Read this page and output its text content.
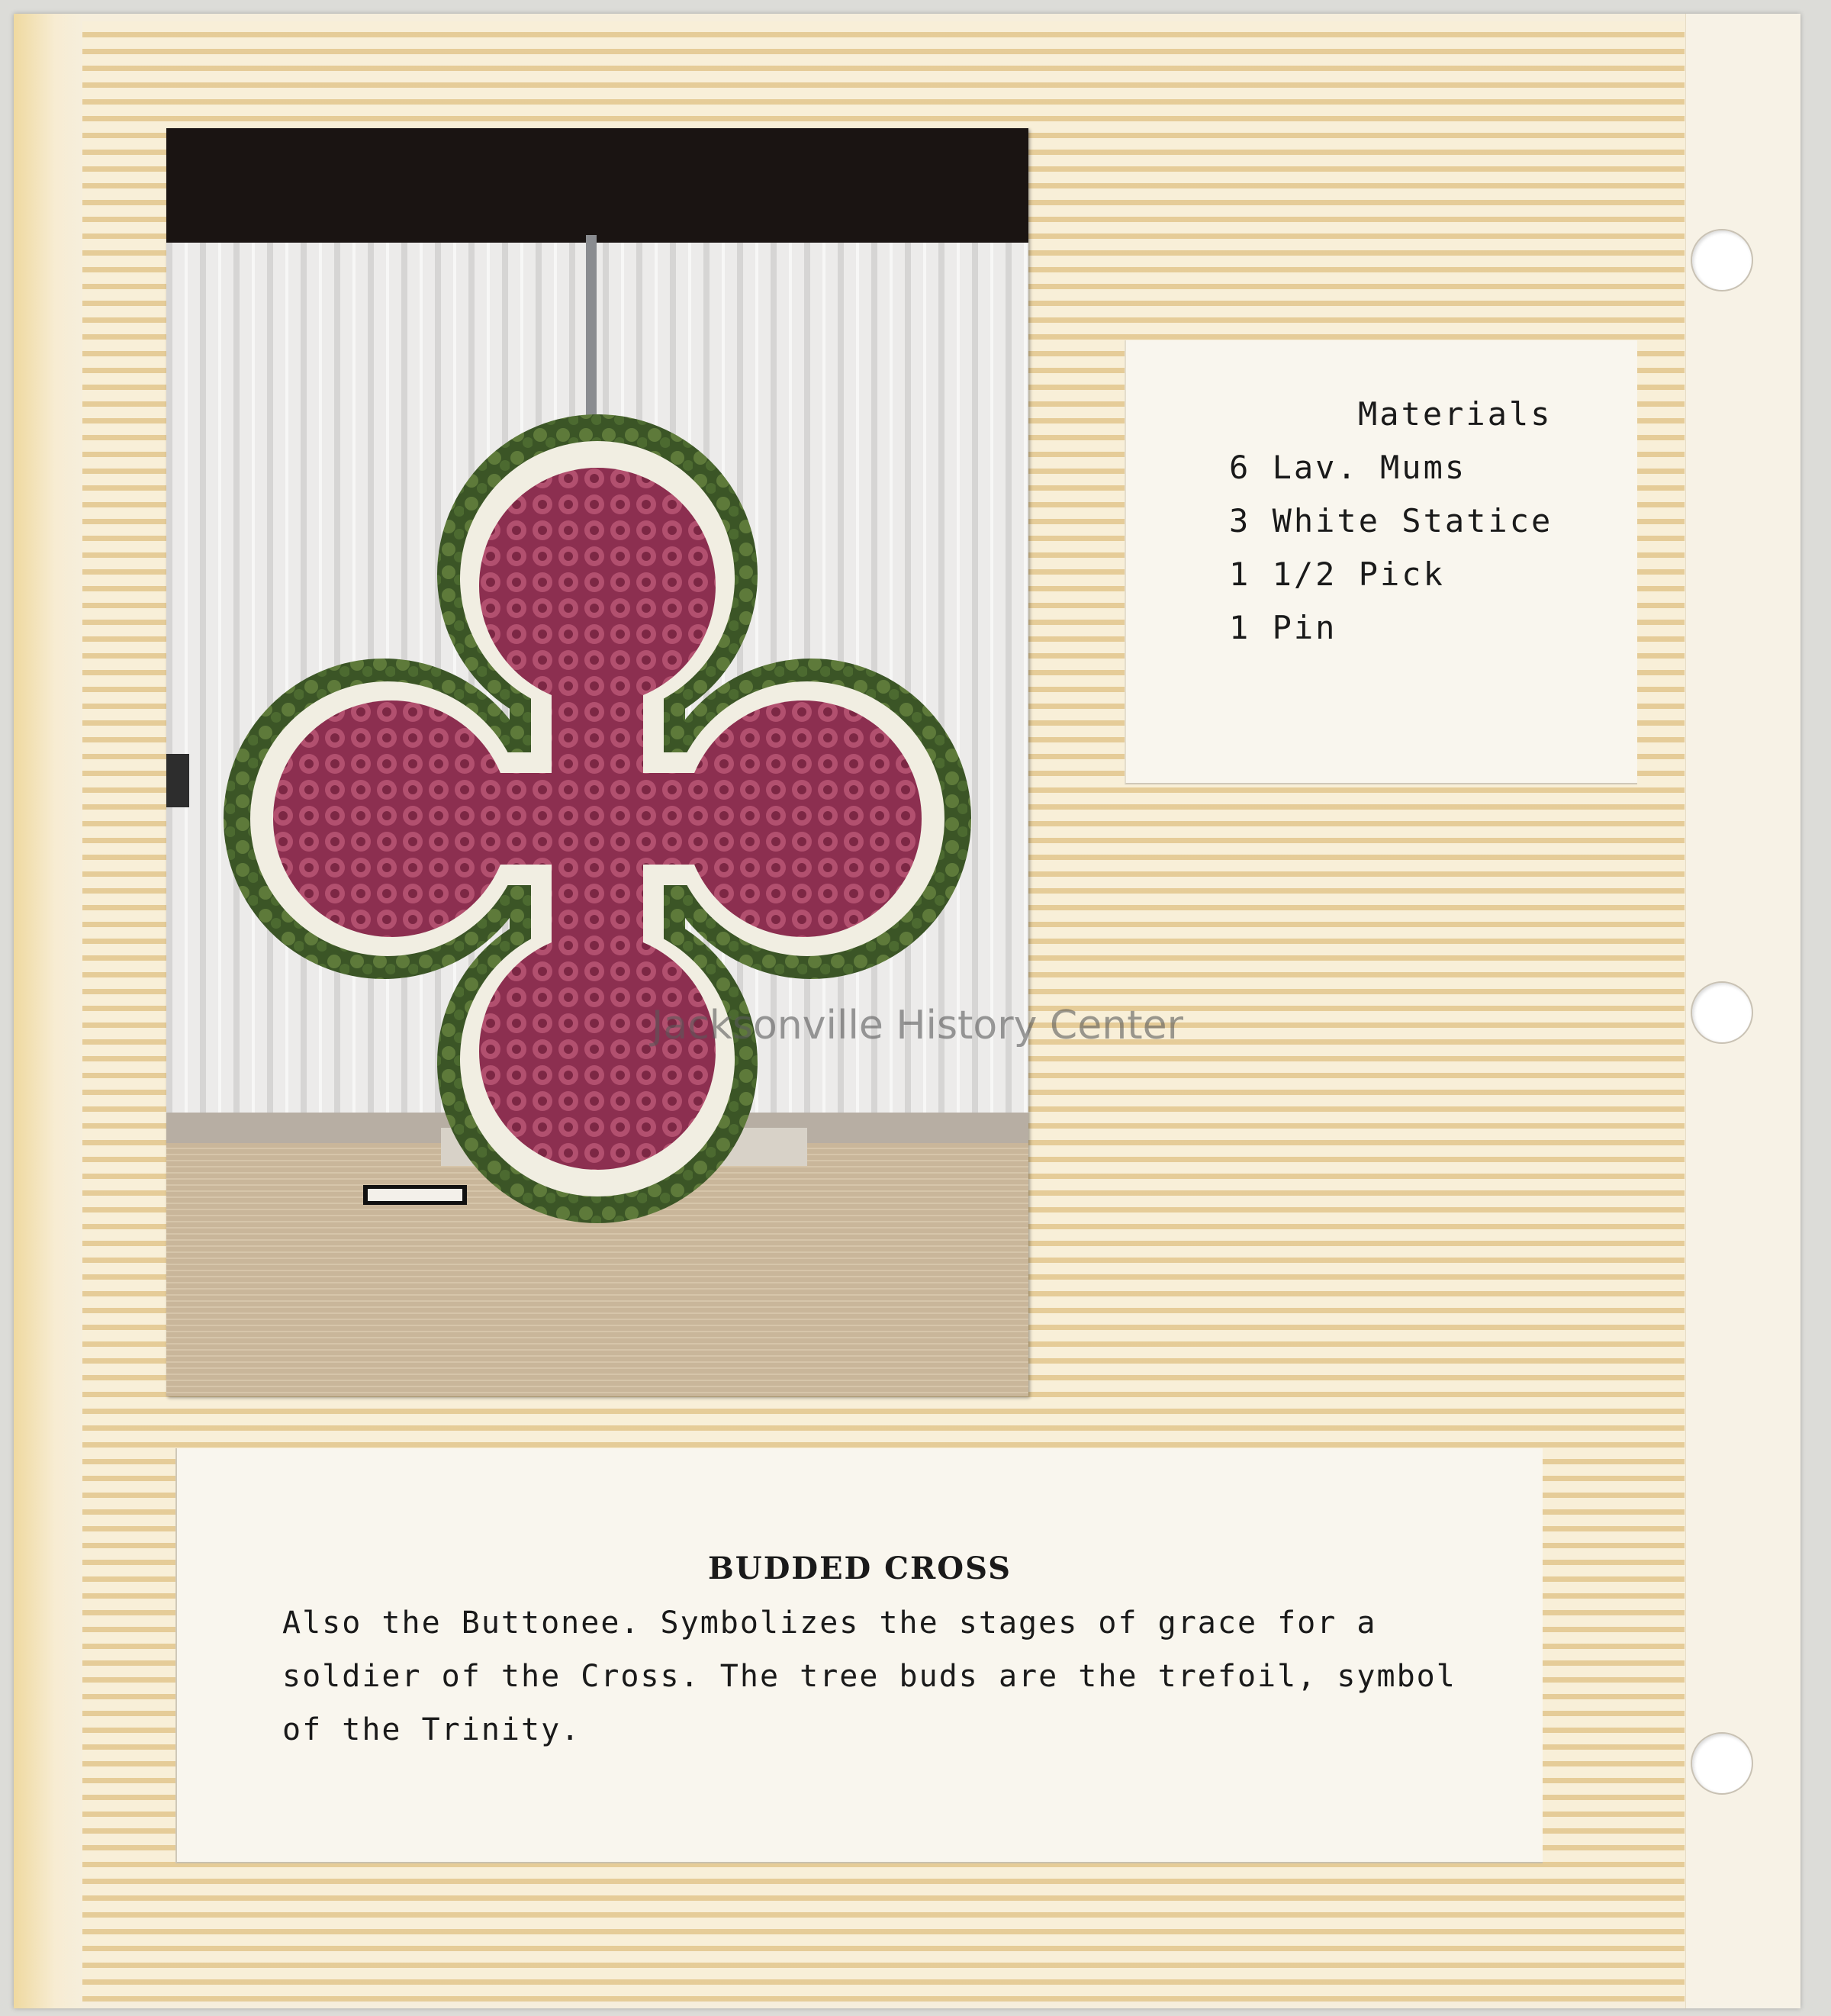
Materials
6 Lav. Mums
3 White Statice
1 1/2 Pick
1 Pin
BUDDED CROSS
Also the Buttonee. Symbolizes the stages of grace for a soldier of the Cross. The tree buds are the trefoil, symbol of the Trinity.
Jacksonville History Center
